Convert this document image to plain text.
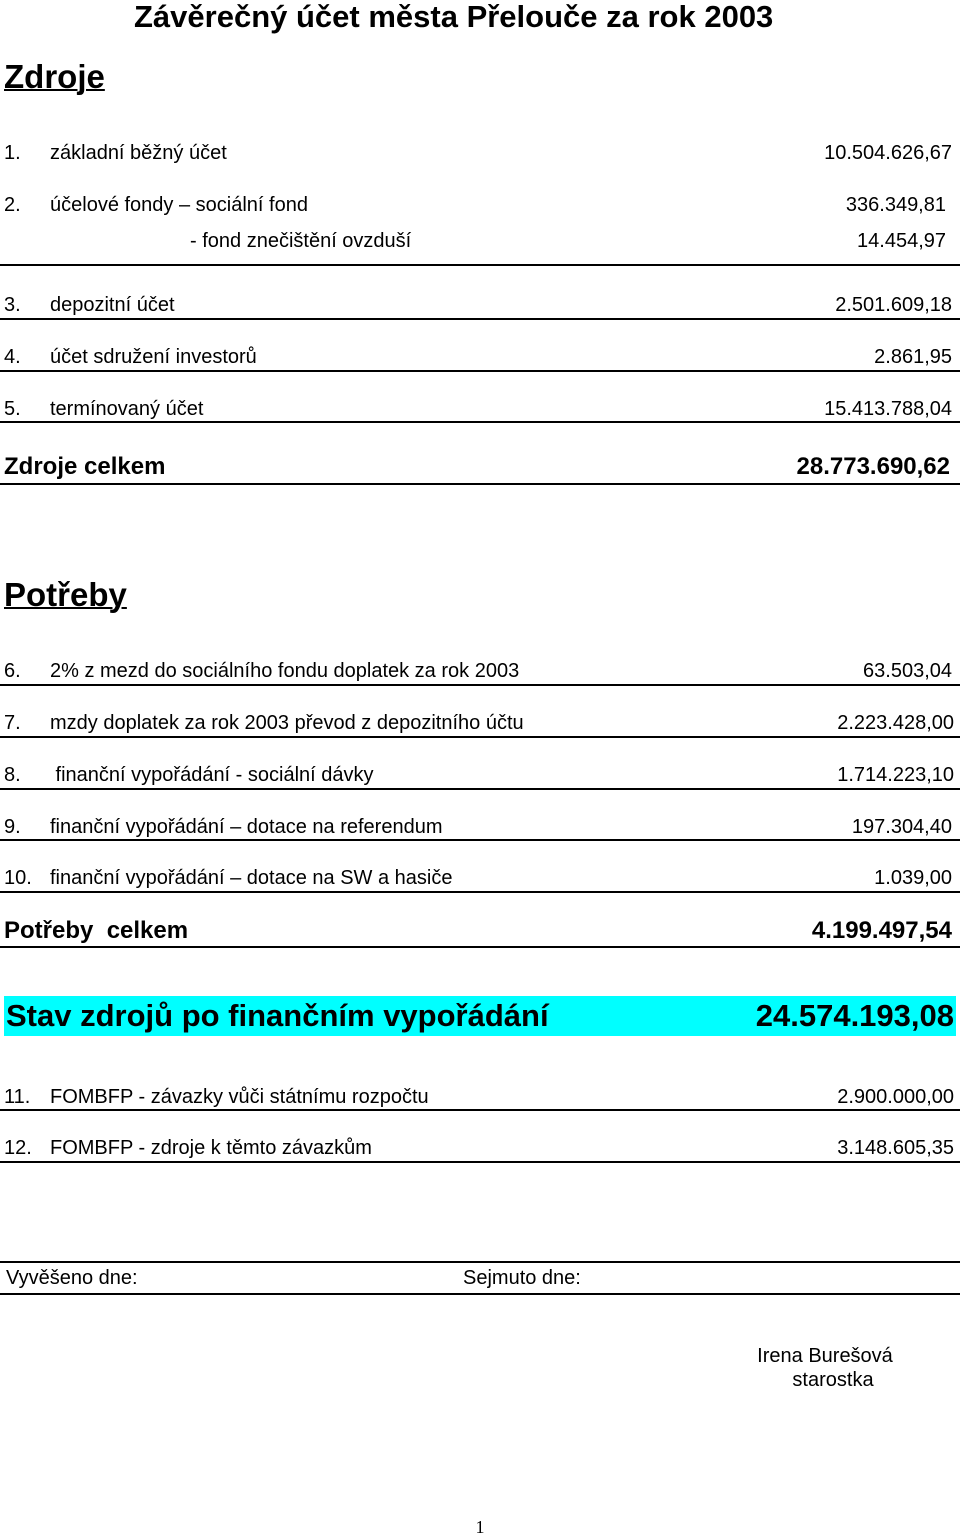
Závěrečný účet města Přelouče za rok 2003
Zdroje
1. základní běžný účet	10.504.626,67
2. účelové fondy – sociální fond	336.349,81
- fond znečištění ovzduší	14.454,97
3. depozitní účet	2.501.609,18
4. účet sdružení investorů	2.861,95
5. termínovaný účet	15.413.788,04
Zdroje celkem	28.773.690,62
Potřeby
6. 2% z mezd do sociálního fondu doplatek za rok 2003	63.503,04
7. mzdy doplatek za rok 2003 převod z depozitního účtu	2.223.428,00
8. finanční vypořádání - sociální dávky	1.714.223,10
9. finanční vypořádání – dotace na referendum	197.304,40
10. finanční vypořádání – dotace na SW a hasiče	1.039,00
Potřeby  celkem	4.199.497,54
Stav zdrojů po finančním vypořádání	24.574.193,08
11. FOMBFP - závazky vůči státnímu rozpočtu	2.900.000,00
12. FOMBFP - zdroje k těmto závazkům	3.148.605,35
Vyvěšeno dne:	Sejmuto dne:
Irena Burešová
starostka
1
